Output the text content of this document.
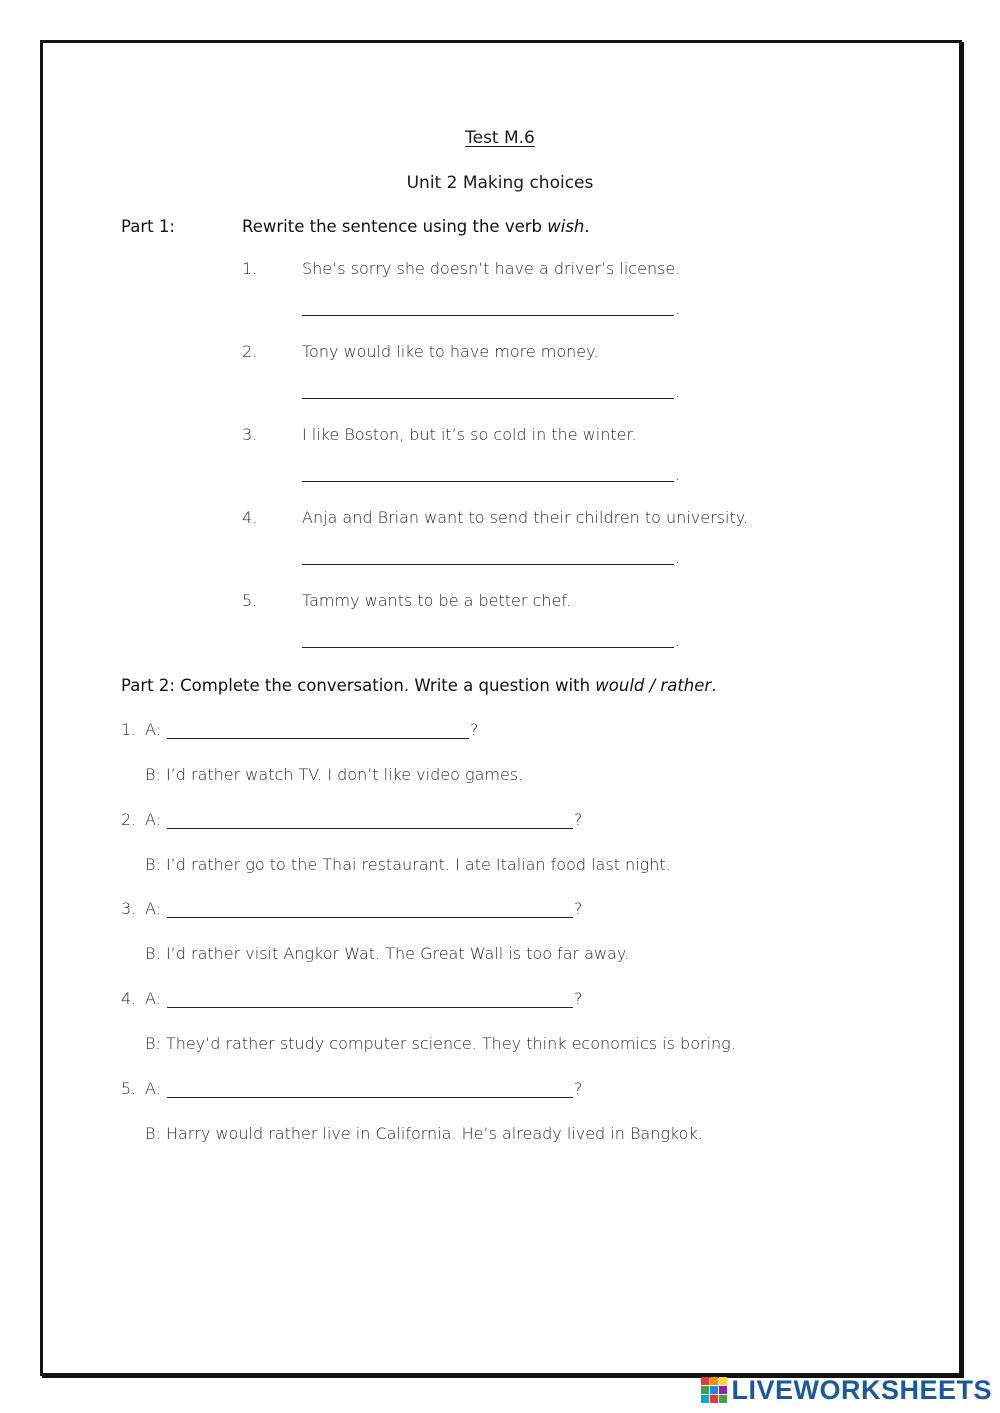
Test M.6
Unit 2 Making choices
Part 1:	Rewrite the sentence using the verb wish.
1.	She’s sorry she doesn’t have a driver’s license.
.
2.	Tony would like to have more money.
.
3.	I like Boston, but it’s so cold in the winter.
.
4.	Anja and Brian want to send their children to university.
.
5.	Tammy wants to be a better chef.
.
Part 2: Complete the conversation. Write a question with would / rather.
1. A:	?
B: I’d rather watch TV. I don’t like video games.
2. A:	?
B: I’d rather go to the Thai restaurant. I ate Italian food last night.
3. A:	?
B: I’d rather visit Angkor Wat. The Great Wall is too far away.
4. A:	?
B: They’d rather study computer science. They think economics is boring.
5. A:	?
B: Harry would rather live in California. He’s already lived in Bangkok.
LIVEWORKSHEETS
